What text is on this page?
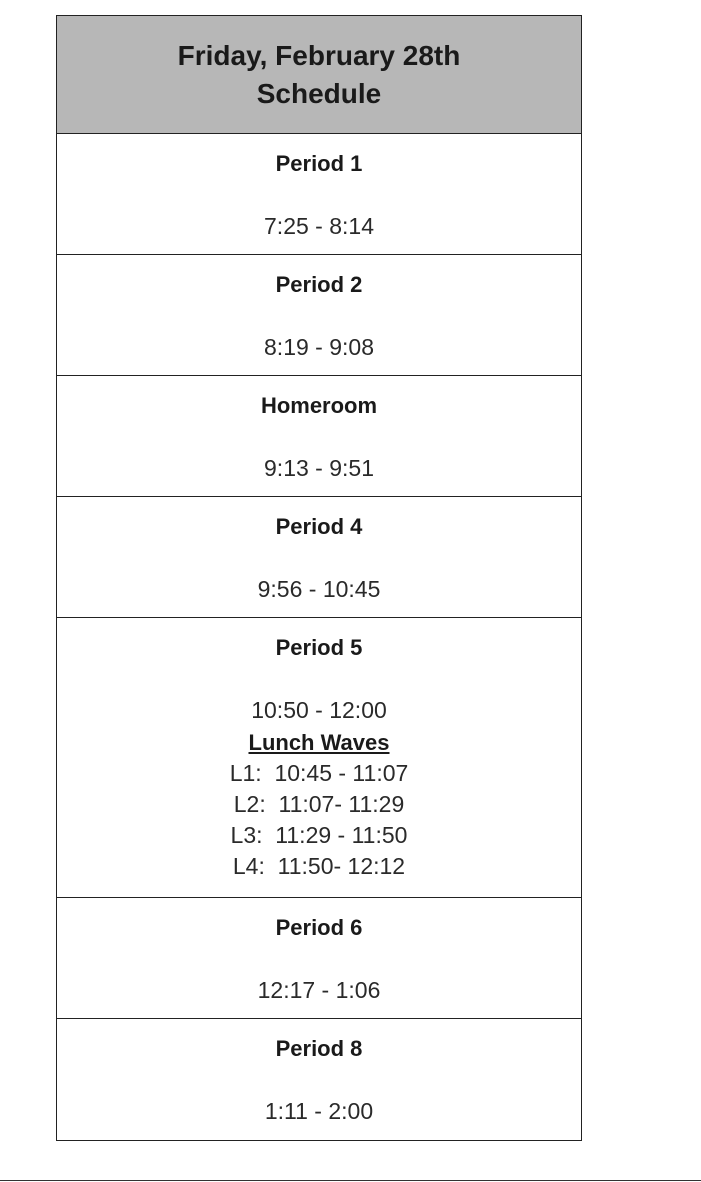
Friday, February 28th
Schedule
Period 1
7:25 - 8:14
Period 2
8:19 - 9:08
Homeroom
9:13 - 9:51
Period 4
9:56 - 10:45
Period 5
10:50 - 12:00
Lunch Waves
L1:  10:45 - 11:07
L2:  11:07- 11:29
L3:  11:29 - 11:50
L4:  11:50- 12:12
Period 6
12:17 - 1:06
Period 8
1:11 - 2:00
